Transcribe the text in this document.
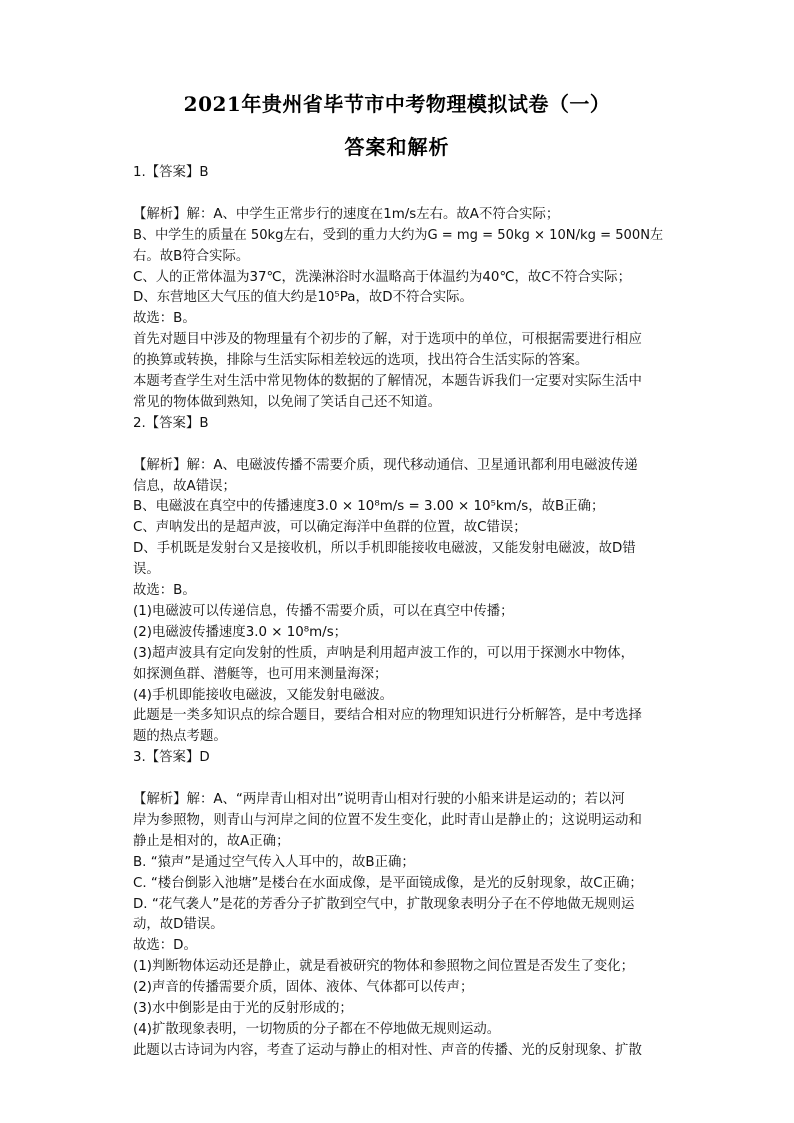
2021年贵州省毕节市中考物理模拟试卷（一）
答案和解析
1.【答案】B
【解析】解：A、中学生正常步行的速度在1m/s左右。故A不符合实际；
B、中学生的质量在 50kg左右，受到的重力大约为G = mg = 50kg × 10N/kg = 500N左
右。故B符合实际。
C、人的正常体温为37℃，洗澡淋浴时水温略高于体温约为40℃，故C不符合实际；
D、东营地区大气压的值大约是10⁵Pa，故D不符合实际。
故选：B。
首先对题目中涉及的物理量有个初步的了解，对于选项中的单位，可根据需要进行相应
的换算或转换，排除与生活实际相差较远的选项，找出符合生活实际的答案。
本题考查学生对生活中常见物体的数据的了解情况，本题告诉我们一定要对实际生活中
常见的物体做到熟知，以免闹了笑话自己还不知道。
2.【答案】B
【解析】解：A、电磁波传播不需要介质，现代移动通信、卫星通讯都利用电磁波传递
信息，故A错误；
B、电磁波在真空中的传播速度3.0 × 10⁸m/s = 3.00 × 10⁵km/s，故B正确；
C、声呐发出的是超声波，可以确定海洋中鱼群的位置，故C错误；
D、手机既是发射台又是接收机，所以手机即能接收电磁波，又能发射电磁波，故D错
误。
故选：B。
(1)电磁波可以传递信息，传播不需要介质，可以在真空中传播；
(2)电磁波传播速度3.0 × 10⁸m/s；
(3)超声波具有定向发射的性质，声呐是利用超声波工作的，可以用于探测水中物体，
如探测鱼群、潜艇等，也可用来测量海深；
(4)手机即能接收电磁波，又能发射电磁波。
此题是一类多知识点的综合题目，要结合相对应的物理知识进行分析解答，是中考选择
题的热点考题。
3.【答案】D
【解析】解：A、“两岸青山相对出”说明青山相对行驶的小船来讲是运动的；若以河
岸为参照物，则青山与河岸之间的位置不发生变化，此时青山是静止的；这说明运动和
静止是相对的，故A正确；
B. “猿声”是通过空气传入人耳中的，故B正确；
C. “楼台倒影入池塘”是楼台在水面成像，是平面镜成像，是光的反射现象，故C正确；
D. “花气袭人”是花的芳香分子扩散到空气中，扩散现象表明分子在不停地做无规则运
动，故D错误。
故选：D。
(1)判断物体运动还是静止，就是看被研究的物体和参照物之间位置是否发生了变化；
(2)声音的传播需要介质，固体、液体、气体都可以传声；
(3)水中倒影是由于光的反射形成的；
(4)扩散现象表明，一切物质的分子都在不停地做无规则运动。
此题以古诗词为内容，考查了运动与静止的相对性、声音的传播、光的反射现象、扩散
